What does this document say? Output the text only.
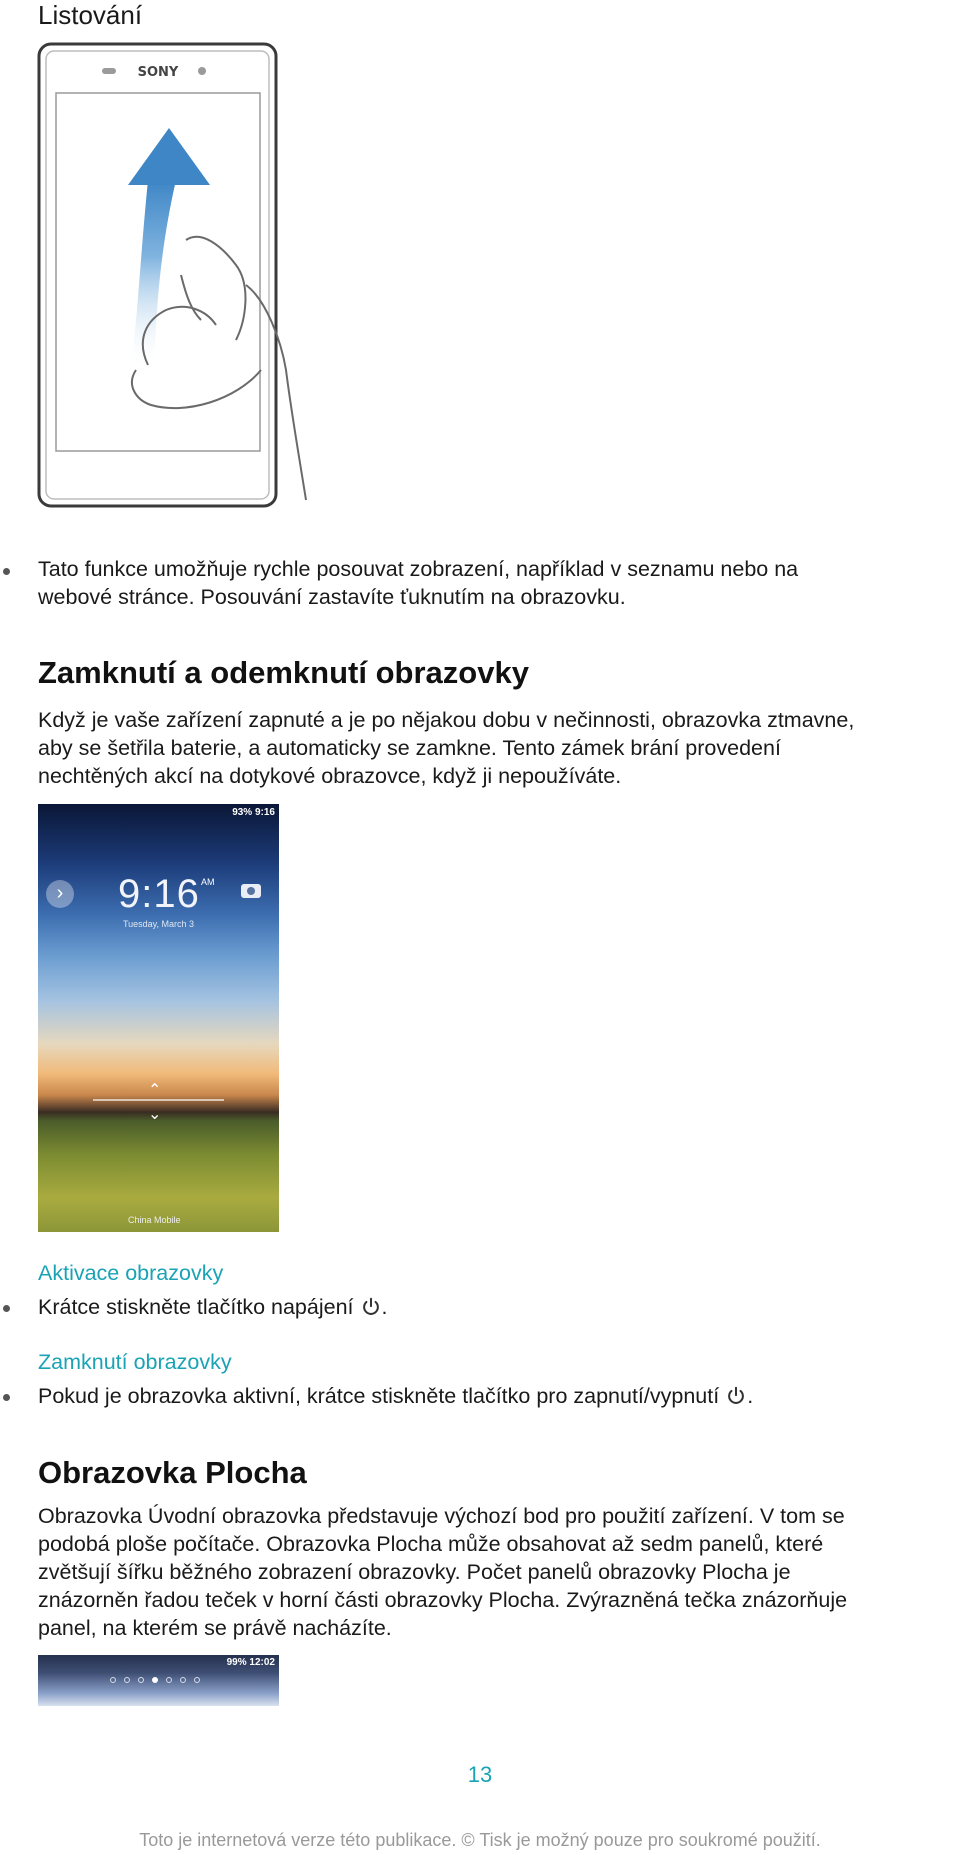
Listování
SONY
Tato funkce umožňuje rychle posouvat zobrazení, například v seznamu nebo na
webové stránce. Posouvání zastavíte ťuknutím na obrazovku.
Zamknutí a odemknutí obrazovky
Když je vaše zařízení zapnuté a je po nějakou dobu v nečinnosti, obrazovka ztmavne,
aby se šetřila baterie, a automaticky se zamkne. Tento zámek brání provedení
nechtěných akcí na dotykové obrazovce, když ji nepoužíváte.
93% 9:16
› 9:16 AM
Tuesday, March 3
⌃
⌄
China Mobile
Aktivace obrazovky
Krátce stiskněte tlačítko napájení .
Zamknutí obrazovky
Pokud je obrazovka aktivní, krátce stiskněte tlačítko pro zapnutí/vypnutí .
Obrazovka Plocha
Obrazovka Úvodní obrazovka představuje výchozí bod pro použití zařízení. V tom se
podobá ploše počítače. Obrazovka Plocha může obsahovat až sedm panelů, které
zvětšují šířku běžného zobrazení obrazovky. Počet panelů obrazovky Plocha je
znázorněn řadou teček v horní části obrazovky Plocha. Zvýrazněná tečka znázorňuje
panel, na kterém se právě nacházíte.
99% 12:02
13
Toto je internetová verze této publikace. © Tisk je možný pouze pro soukromé použití.
